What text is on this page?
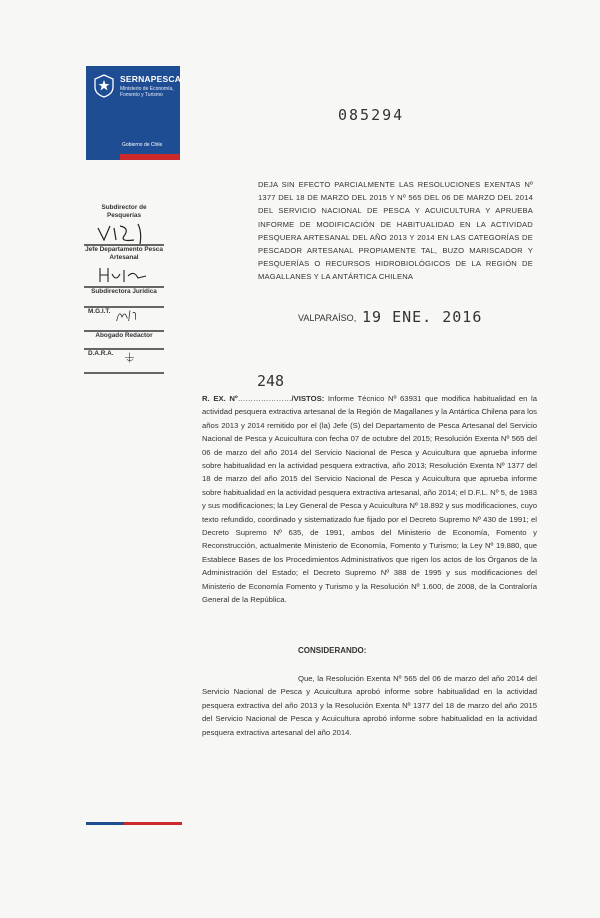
SERNAPESCA
Ministerio de Economía, Fomento y Turismo
Gobierno de Chile
085294
DEJA SIN EFECTO PARCIALMENTE LAS RESOLUCIONES EXENTAS Nº 1377 DEL 18 DE MARZO DEL 2015 Y Nº 565 DEL 06 DE MARZO DEL 2014 DEL SERVICIO NACIONAL DE PESCA Y ACUICULTURA Y APRUEBA INFORME DE MODIFICACIÓN DE HABITUALIDAD EN LA ACTIVIDAD PESQUERA ARTESANAL DEL AÑO 2013 Y 2014 EN LAS CATEGORÍAS DE PESCADOR ARTESANAL PROPIAMENTE TAL, BUZO MARISCADOR Y PESQUERÍAS O RECURSOS HIDROBIOLÓGICOS DE LA REGIÓN DE MAGALLANES Y LA ANTÁRTICA CHILENA
Subdirector de Pesquerías
Jefe Departamento Pesca Artesanal
Subdirectora Jurídica
M.G.I.T.
Abogado Redactor
D.A.R.A.
VALPARAÍSO, 19 ENE. 2016
248
R. EX. Nº…………………/VISTOS: Informe Técnico Nº 63931 que modifica habitualidad en la actividad pesquera extractiva artesanal de la Región de Magallanes y la Antártica Chilena para los años 2013 y 2014 remitido por el (la) Jefe (S) del Departamento de Pesca Artesanal del Servicio Nacional de Pesca y Acuicultura con fecha 07 de octubre del 2015; Resolución Exenta Nº 565 del 06 de marzo del año 2014 del Servicio Nacional de Pesca y Acuicultura que aprueba informe sobre habitualidad en la actividad pesquera extractiva, año 2013; Resolución Exenta Nº 1377 del 18 de marzo del año 2015 del Servicio Nacional de Pesca y Acuicultura que aprueba informe sobre habitualidad en la actividad pesquera extractiva artesanal, año 2014; el D.F.L. Nº 5, de 1983 y sus modificaciones; la Ley General de Pesca y Acuicultura Nº 18.892 y sus modificaciones, cuyo texto refundido, coordinado y sistematizado fue fijado por el Decreto Supremo Nº 430 de 1991; el Decreto Supremo Nº 635, de 1991, ambos del Ministerio de Economía, Fomento y Reconstrucción, actualmente Ministerio de Economía, Fomento y Turismo; la Ley Nº 19.880, que Establece Bases de los Procedimientos Administrativos que rigen los actos de los Órganos de la Administración del Estado; el Decreto Supremo Nº 388 de 1995 y sus modificaciones del Ministerio de Economía Fomento y Turismo y la Resolución Nº 1.600, de 2008, de la Contraloría General de la República.
CONSIDERANDO:
Que, la Resolución Exenta Nº 565 del 06 de marzo del año 2014 del Servicio Nacional de Pesca y Acuicultura aprobó informe sobre habitualidad en la actividad pesquera extractiva del año 2013 y la Resolución Exenta Nº 1377 del 18 de marzo del año 2015 del Servicio Nacional de Pesca y Acuicultura aprobó informe sobre habitualidad en la actividad pesquera extractiva artesanal del año 2014.
